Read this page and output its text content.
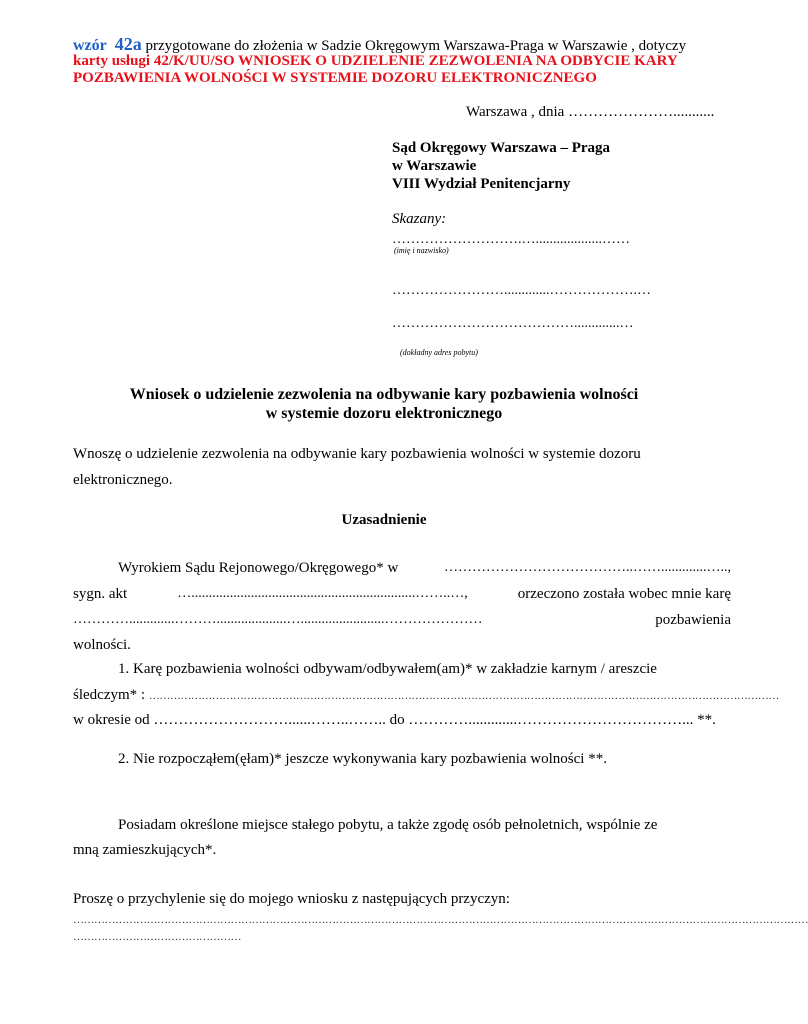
wzór 42a przygotowane do złożenia w Sadzie Okręgowym Warszawa-Praga w Warszawie , dotyczy
karty usługi 42/K/UU/SO WNIOSEK O UDZIELENIE ZEZWOLENIA NA ODBYCIE KARY
POZBAWIENIA WOLNOŚCI W SYSTEMIE DOZORU ELEKTRONICZNEGO
Warszawa , dnia …………………...........
Sąd Okręgowy Warszawa – Praga
w Warszawie
VIII Wydział Penitencjarny
Skazany:
……………………….…...................……
(imię i nazwisko)
…………………….............……………….…
………………………………….............…
(dokładny adres pobytu)
Wniosek o udzielenie zezwolenia na odbywanie kary pozbawienia wolności
w systemie dozoru elektronicznego
Wnoszę o udzielenie zezwolenia na odbywanie kary pozbawienia wolności w systemie dozoru
elektronicznego.
Uzasadnienie
Wyrokiem Sądu Rejonowego/Okręgowego* w	…………………………………..…….............…..,
sygn. akt	…................................................................……..…,	orzeczono została wobec mnie karę
………….............………....................…........................…………………	pozbawienia
wolności.
1. Karę pozbawienia wolności odbywam/odbywałem(am)* w zakładzie karnym / areszcie
śledczym* : ………………………………………………………………………………………………………………………………………………………………
w okresie od ………………………......……..…….. do ………….............……………………………... **.
2. Nie rozpocząłem(ęłam)* jeszcze wykonywania kary pozbawienia wolności **.
Posiadam określone miejsce stałego pobytu, a także zgodę osób pełnoletnich, wspólnie ze
mną zamieszkujących*.
Proszę o przychylenie się do mojego wniosku z następujących przyczyn:
…………………………………………………………………………………………………………………………………………………………………………………………
…………………………………………
